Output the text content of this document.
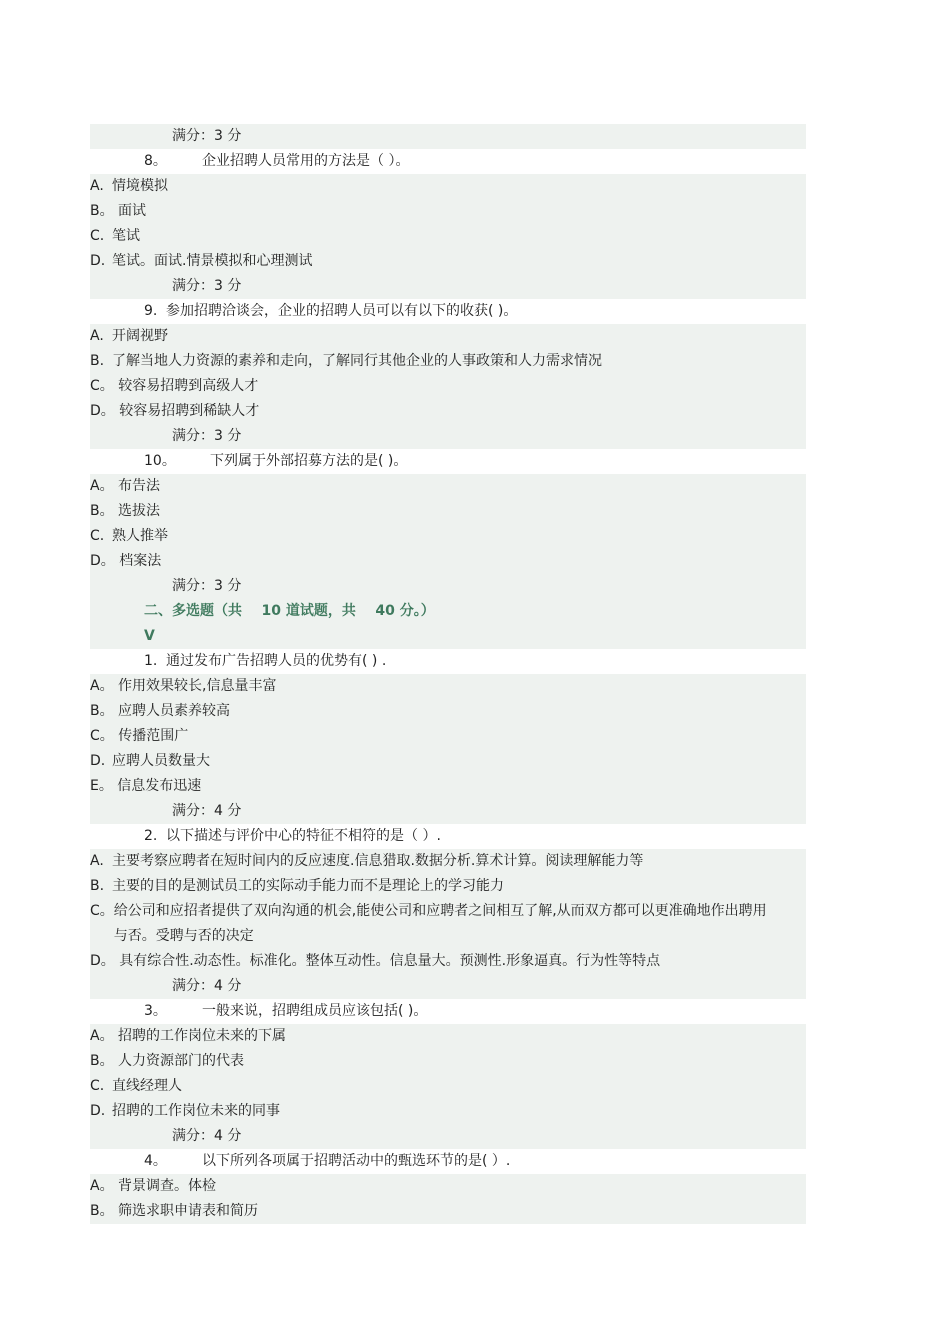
满分：3 分
8。	企业招聘人员常用的方法是（ ）。
A. 情境模拟
B。 面试
C. 笔试
D. 笔试。面试.情景模拟和心理测试
满分：3 分
9. 参加招聘洽谈会，企业的招聘人员可以有以下的收获( )。
A. 开阔视野
B. 了解当地人力资源的素养和走向，了解同行其他企业的人事政策和人力需求情况
C。 较容易招聘到高级人才
D。 较容易招聘到稀缺人才
满分：3 分
10。 下列属于外部招募方法的是( )。
A。 布告法
B。 选拔法
C. 熟人推举
D。 档案法
满分：3 分
二、多选题（共    10 道试题，共    40 分。）
V
1. 通过发布广告招聘人员的优势有( ) .
A。 作用效果较长,信息量丰富
B。 应聘人员素养较高
C。 传播范围广
D. 应聘人员数量大
E。 信息发布迅速
满分：4 分
2. 以下描述与评价中心的特征不相符的是（ ）.
A. 主要考察应聘者在短时间内的反应速度.信息猎取.数据分析.算术计算。阅读理解能力等
B. 主要的目的是测试员工的实际动手能力而不是理论上的学习能力
C。给公司和应招者提供了双向沟通的机会,能使公司和应聘者之间相互了解,从而双方都可以更准确地作出聘用与否。受聘与否的决定
D。 具有综合性.动态性。标准化。整体互动性。信息量大。预测性.形象逼真。行为性等特点
满分：4 分
3。	一般来说，招聘组成员应该包括( )。
A。 招聘的工作岗位未来的下属
B。 人力资源部门的代表
C. 直线经理人
D. 招聘的工作岗位未来的同事
满分：4 分
4。	以下所列各项属于招聘活动中的甄选环节的是( ）.
A。 背景调查。体检
B。 筛选求职申请表和简历
